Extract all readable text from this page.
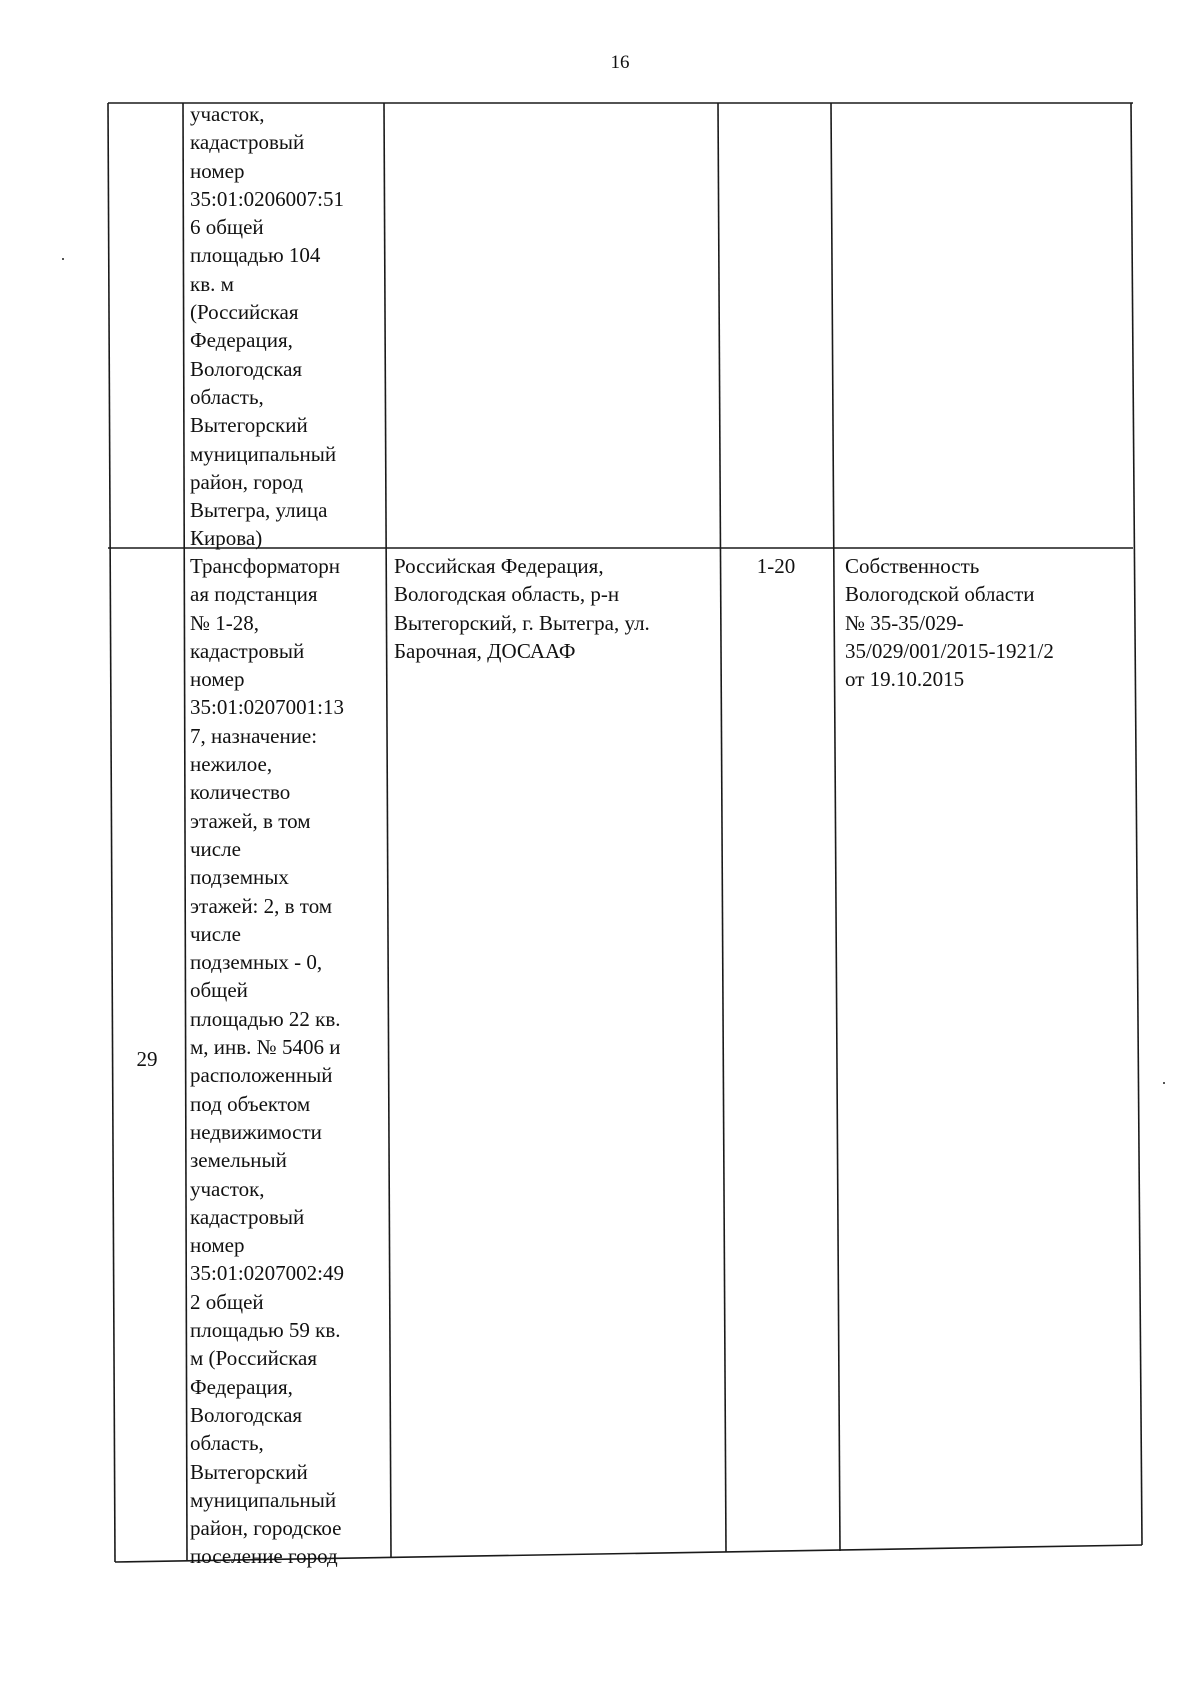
16
участок,
кадастровый
номер
35:01:0206007:51
6 общей
площадью 104
кв. м
(Российская
Федерация,
Вологодская
область,
Вытегорский
муниципальный
район, город
Вытегра, улица
Кирова)
29
Трансформаторн
ая подстанция
№ 1-28,
кадастровый
номер
35:01:0207001:13
7, назначение:
нежилое,
количество
этажей, в том
числе
подземных
этажей: 2, в том
числе
подземных - 0,
общей
площадью 22 кв.
м, инв. № 5406 и
расположенный
под объектом
недвижимости
земельный
участок,
кадастровый
номер
35:01:0207002:49
2 общей
площадью 59 кв.
м (Российская
Федерация,
Вологодская
область,
Вытегорский
муниципальный
район, городское
поселение город
Российская Федерация,
Вологодская область, р-н
Вытегорский, г. Вытегра, ул.
Барочная, ДОСААФ
1-20	Собственность
Вологодской области
№ 35-35/029-
35/029/001/2015-1921/2
от 19.10.2015
